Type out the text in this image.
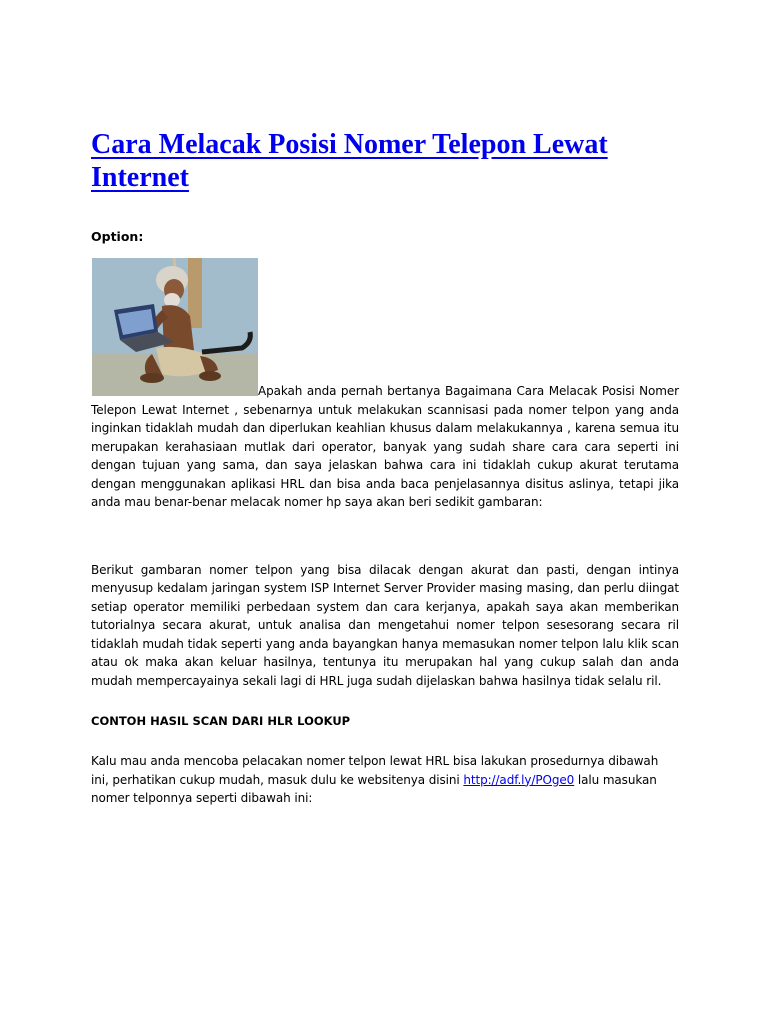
Cara Melacak Posisi Nomer Telepon Lewat Internet
Option:

Apakah anda pernah bertanya Bagaimana Cara Melacak Posisi Nomer Telepon Lewat Internet , sebenarnya untuk melakukan scannisasi pada nomer telpon yang anda inginkan tidaklah mudah dan diperlukan keahlian khusus dalam melakukannya , karena semua itu merupakan kerahasiaan mutlak dari operator, banyak yang sudah share cara cara seperti ini dengan tujuan yang sama, dan saya jelaskan bahwa cara ini tidaklah cukup akurat terutama dengan menggunakan aplikasi HRL dan bisa anda baca penjelasannya disitus aslinya, tetapi jika anda mau benar-benar melacak nomer hp saya akan beri sedikit gambaran:

Berikut gambaran nomer telpon yang bisa dilacak dengan akurat dan pasti, dengan intinya menyusup kedalam jaringan system ISP Internet Server Provider masing masing, dan perlu diingat setiap operator memiliki perbedaan system dan cara kerjanya, apakah saya akan memberikan tutorialnya secara akurat, untuk analisa dan mengetahui nomer telpon sesesorang secara ril tidaklah mudah tidak seperti yang anda bayangkan hanya memasukan nomer telpon lalu klik scan atau ok maka akan keluar hasilnya, tentunya itu merupakan hal yang cukup salah dan anda mudah mempercayainya sekali lagi di HRL juga sudah dijelaskan bahwa hasilnya tidak selalu ril.

CONTOH HASIL SCAN DARI HLR LOOKUP

Kalu mau anda mencoba pelacakan nomer telpon lewat HRL bisa lakukan prosedurnya dibawah ini, perhatikan cukup mudah, masuk dulu ke websitenya disini http://adf.ly/POge0 lalu masukan nomer telponnya seperti dibawah ini:
